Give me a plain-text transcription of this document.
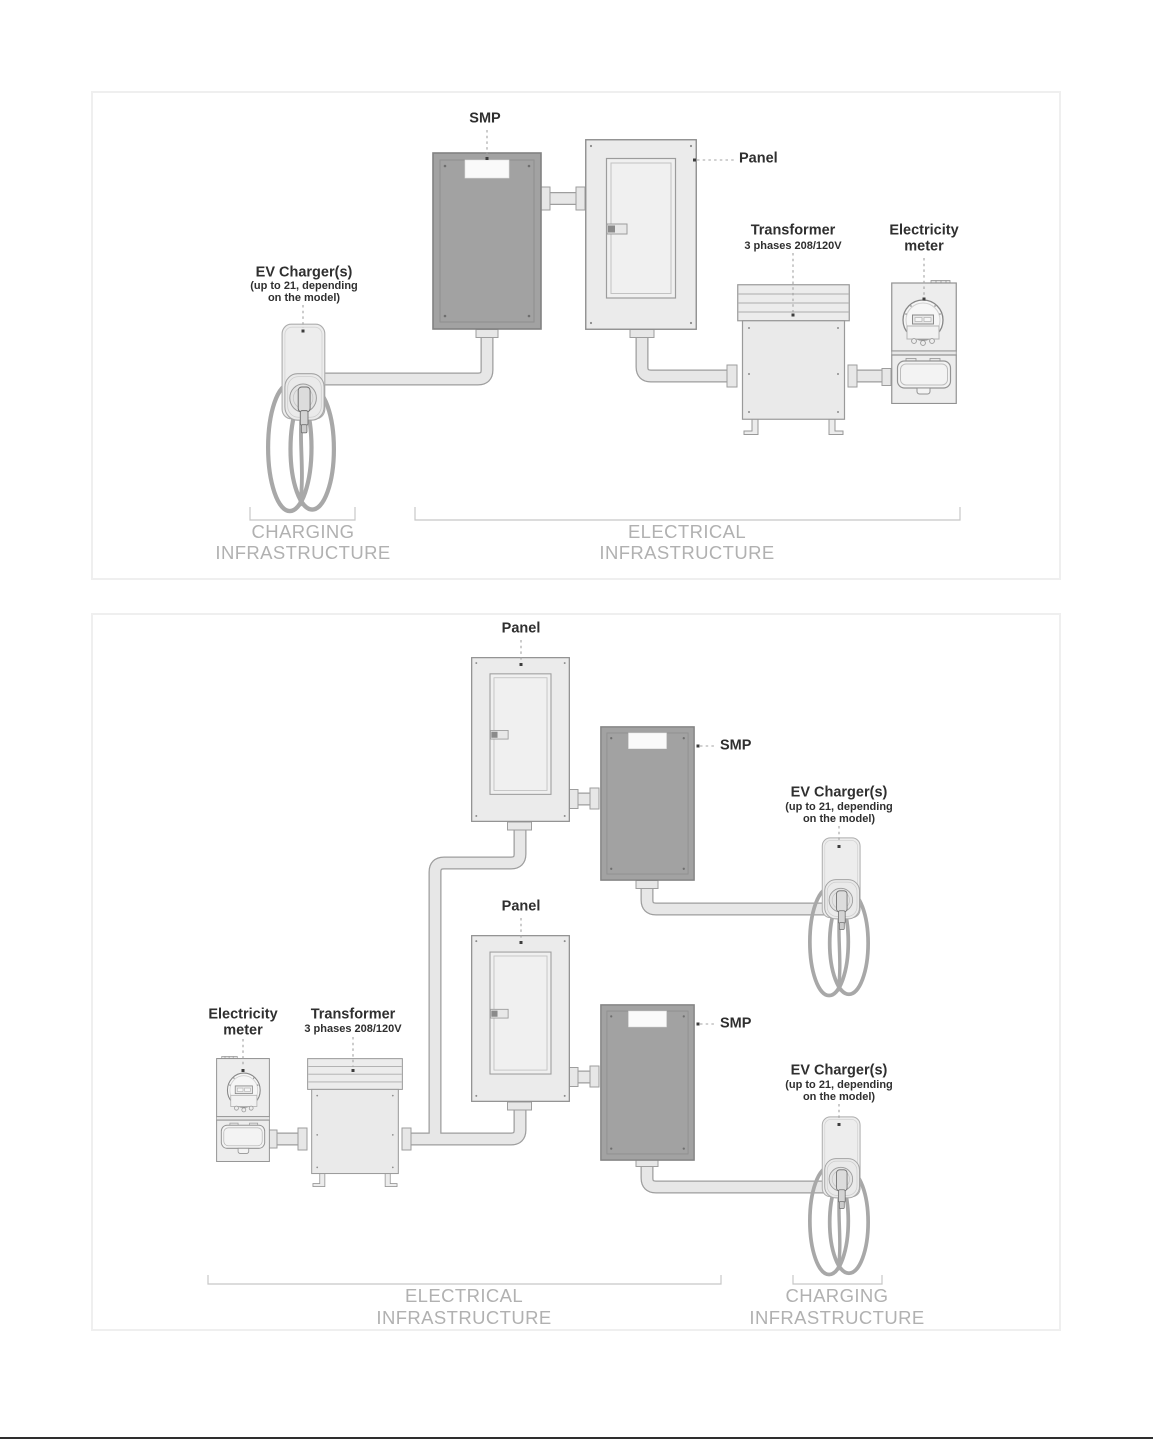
SMP
Panel
Transformer
3 phases 208/120V
Electricity
meter
EV Charger(s)
(up to 21, depending
on the model)
CHARGING
INFRASTRUCTURE
ELECTRICAL
INFRASTRUCTURE
Panel
Panel
SMP
SMP
EV Charger(s)
(up to 21, depending
on the model)
EV Charger(s)
(up to 21, depending
on the model)
Electricity
meter
Transformer
3 phases 208/120V
ELECTRICAL
INFRASTRUCTURE
CHARGING
INFRASTRUCTURE
